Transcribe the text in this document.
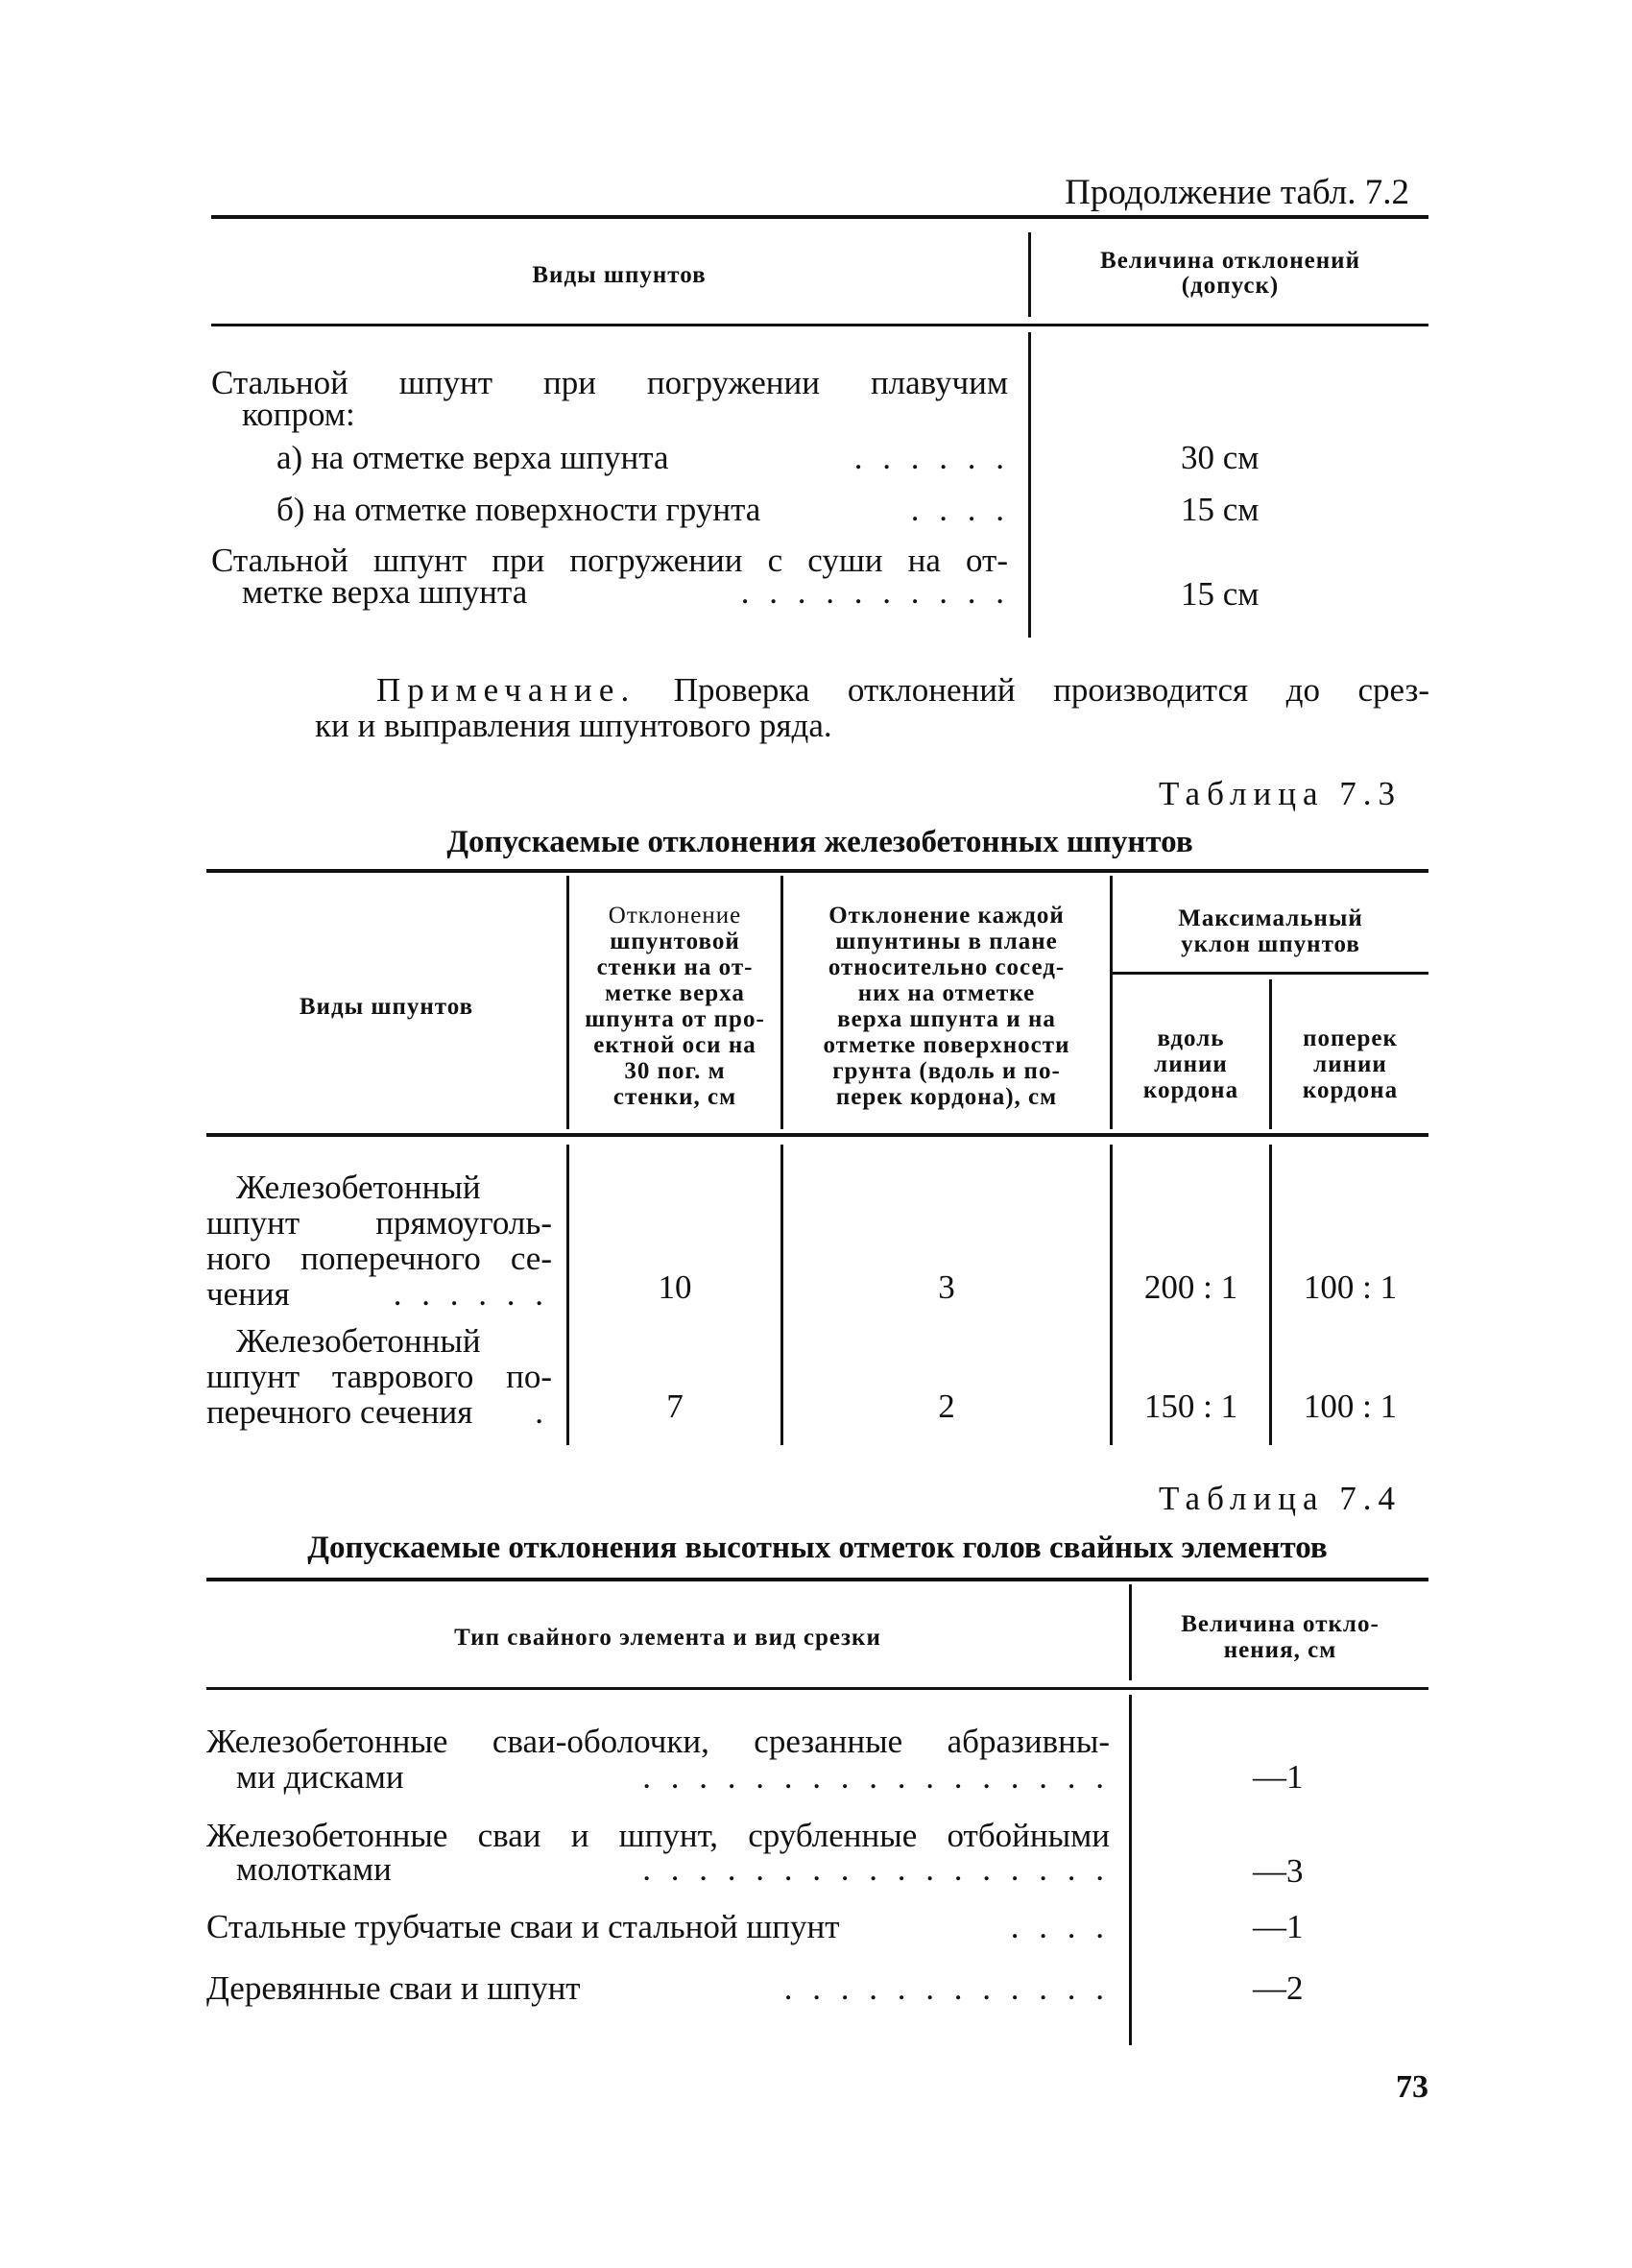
Продолжение табл. 7.2
Виды шпунтов
Величина отклонений
(допуск)
Стальной шпунт при погружении плавучим
копром:
а) на отметке верха шпунта	. . . . . .	30 см
б) на отметке поверхности грунта	. . . .	15 см
Стальной шпунт при погружении с суши на от-
метке верха шпунта	. . . . . . . . . .	15 см
Примечание. Проверка отклонений производится до срез-
ки и выправления шпунтового ряда.
Таблица 7.3
Допускаемые отклонения железобетонных шпунтов
Виды шпунтов
Отклонение
шпунтовой
стенки на от-
метке верха
шпунта от про-
ектной оси на
30 пог. м
стенки, см
Отклонение каждой
шпунтины в плане
относительно сосед-
них на отметке
верха шпунта и на
отметке поверхности
грунта (вдоль и по-
перек кордона), см
Максимальный
уклон шпунтов
вдоль
линии
кордона
поперек
линии
кордона
Железобетонный
шпунт прямоуголь-
ного поперечного се-
чения	. . . . . .	10	3	200 : 1	100 : 1
Железобетонный
шпунт таврового по-
перечного сечения .	7	2	150 : 1	100 : 1
Таблица 7.4
Допускаемые отклонения высотных отметок голов свайных элементов
Тип свайного элемента и вид срезки
Величина откло-
нения, см
Железобетонные сваи-оболочки, срезанные абразивны-
ми дисками	. . . . . . . . . . . . . . . . .	—1
Железобетонные сваи и шпунт, срубленные отбойными
молотками	. . . . . . . . . . . . . . . . .	—3
Стальные трубчатые сваи и стальной шпунт	. . . .	—1
Деревянные сваи и шпунт	. . . . . . . . . . . .	—2
73
